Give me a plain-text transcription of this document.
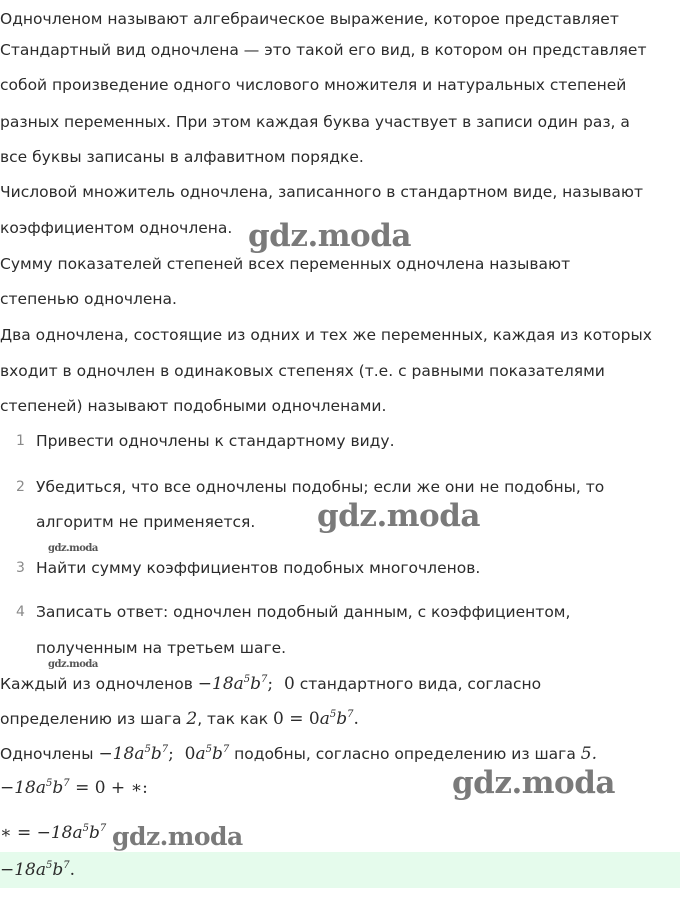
Одночленом называют алгебраическое выражение, которое представляет
Стандартный вид одночлена — это такой его вид, в котором он представляет
собой произведение одного числового множителя и натуральных степеней
разных переменных. При этом каждая буква участвует в записи один раз, а
все буквы записаны в алфавитном порядке.
Числовой множитель одночлена, записанного в стандартном виде, называют
коэффициентом одночлена.
Сумму показателей степеней всех переменных одночлена называют
степенью одночлена.
Два одночлена, состоящие из одних и тех же переменных, каждая из которых
входит в одночлен в одинаковых степенях (т.е. с равными показателями
степеней) называют подобными одночленами.
1 Привести одночлены к стандартному виду.
2 Убедиться, что все одночлены подобны; если же они не подобны, то
алгоритм не применяется.
3 Найти сумму коэффициентов подобных многочленов.
4 Записать ответ: одночлен подобный данным, с коэффициентом,
полученным на третьем шаге.
Каждый из одночленов $-18a^5b^7$;  0 стандартного вида, согласно
определению из шага 2, так как $0 = 0a^5b^7$.
Одночлены $-18a^5b^7$;  $0a^5b^7$ подобны, согласно определению из шага 5.
$-18a^5b^7 = 0$ + ∗:
∗ = $-18a^5b^7$
$-18a^5b^7$.
gdz.moda
gdz.moda
gdz.moda
gdz.moda
gdz.moda
gdz.moda
